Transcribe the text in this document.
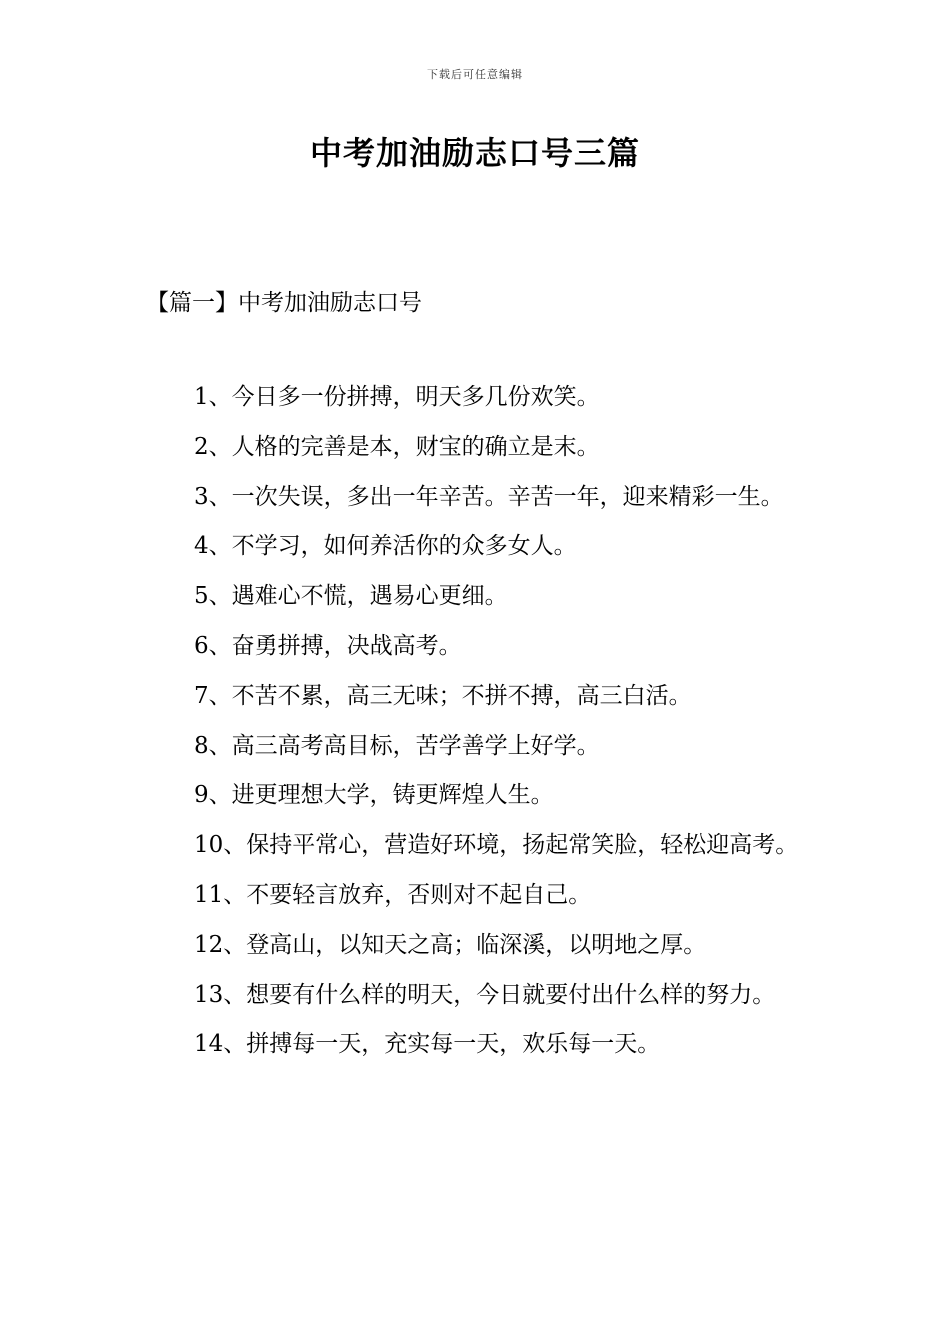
下载后可任意编辑
中考加油励志口号三篇
【篇一】中考加油励志口号
1、今日多一份拼搏，明天多几份欢笑。
2、人格的完善是本，财宝的确立是末。
3、一次失误，多出一年辛苦。辛苦一年，迎来精彩一生。
4、不学习，如何养活你的众多女人。
5、遇难心不慌，遇易心更细。
6、奋勇拼搏，决战高考。
7、不苦不累，高三无味；不拼不搏，高三白活。
8、高三高考高目标，苦学善学上好学。
9、进更理想大学，铸更辉煌人生。
10、保持平常心，营造好环境，扬起常笑脸，轻松迎高考。
11、不要轻言放弃，否则对不起自己。
12、登高山，以知天之高；临深溪，以明地之厚。
13、想要有什么样的明天，今日就要付出什么样的努力。
14、拼搏每一天，充实每一天，欢乐每一天。
